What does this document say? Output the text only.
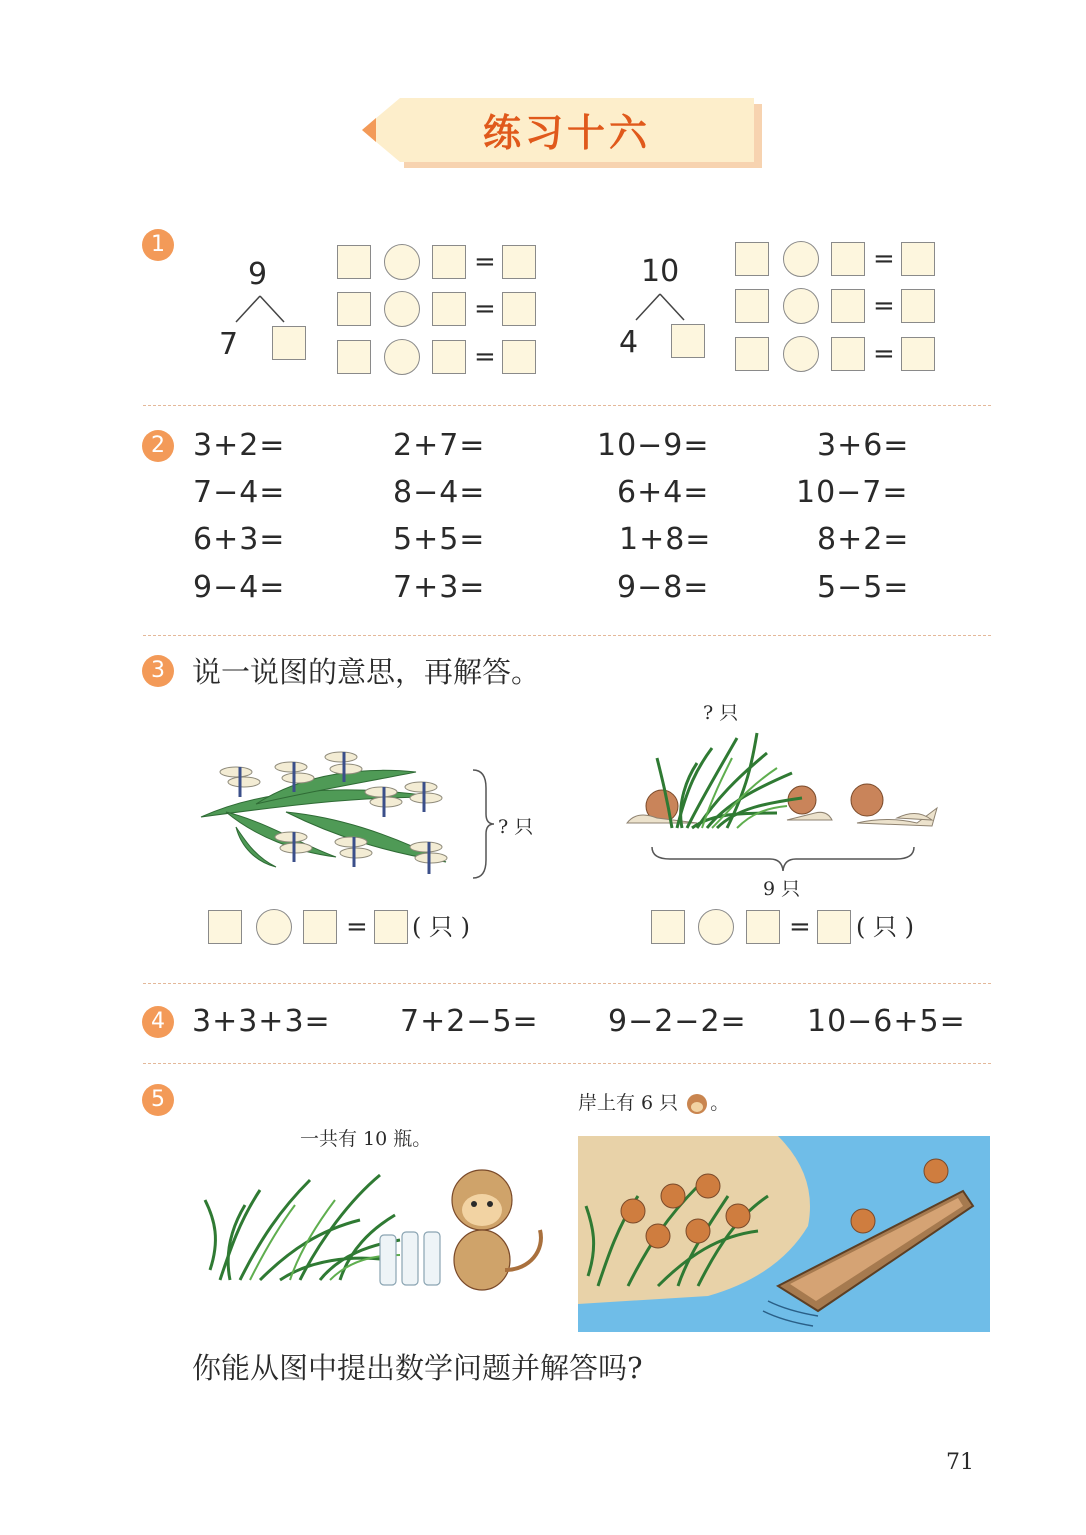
练习十六
1
9
7
=
=
=
10
4
=
=
=
2 3+2=	2+7=	10−9=	3+6=
7−4=	8−4=	6+4=	10−7=
6+3=	5+5=	1+8=	8+2=
9−4=	7+3=	9−8=	5−5=
3 说一说图的意思，再解答。
? 只
= ( 只 )
? 只
9 只
= ( 只 )
4 3+3+3= 7+2−5= 9−2−2= 10−6+5=
5
一共有 10 瓶。
岸上有 6 只 。
你能从图中提出数学问题并解答吗?
71
